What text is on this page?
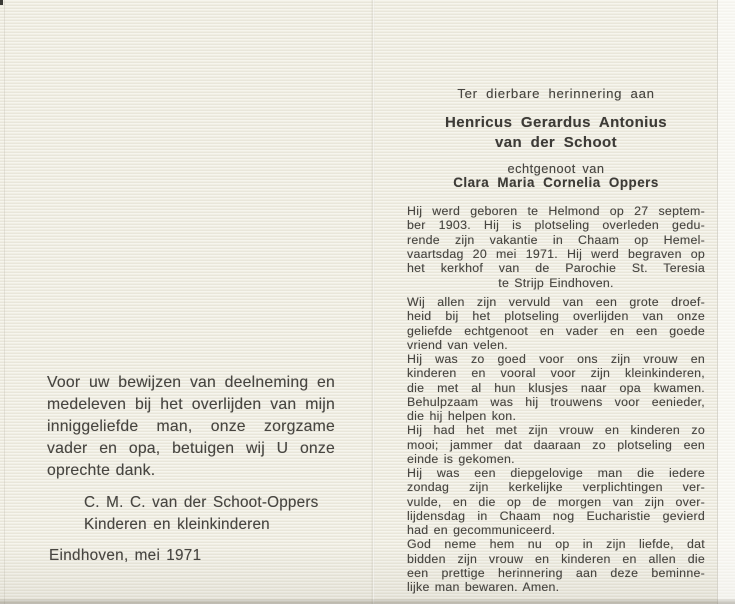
Voor uw bewijzen van deelneming en
medeleven bij het overlijden van mijn
inniggeliefde man, onze zorgzame
vader en opa, betuigen wij U onze
oprechte dank.
C. M. C. van der Schoot-Oppers
Kinderen en kleinkinderen
Eindhoven, mei 1971
Ter dierbare herinnering aan
Henricus Gerardus Antonius
van der Schoot
echtgenoot van
Clara Maria Cornelia Oppers
Hij werd geboren te Helmond op 27 septem-
ber 1903. Hij is plotseling overleden gedu-
rende zijn vakantie in Chaam op Hemel-
vaartsdag 20 mei 1971. Hij werd begraven op
het kerkhof van de Parochie St. Teresia
te Strijp Eindhoven.
Wij allen zijn vervuld van een grote droef-
heid bij het plotseling overlijden van onze
geliefde echtgenoot en vader en een goede
vriend van velen.
Hij was zo goed voor ons zijn vrouw en
kinderen en vooral voor zijn kleinkinderen,
die met al hun klusjes naar opa kwamen.
Behulpzaam was hij trouwens voor eenieder,
die hij helpen kon.
Hij had het met zijn vrouw en kinderen zo
mooi; jammer dat daaraan zo plotseling een
einde is gekomen.
Hij was een diepgelovige man die iedere
zondag zijn kerkelijke verplichtingen ver-
vulde, en die op de morgen van zijn over-
lijdensdag in Chaam nog Eucharistie gevierd
had en gecommuniceerd.
God neme hem nu op in zijn liefde, dat
bidden zijn vrouw en kinderen en allen die
een prettige herinnering aan deze beminne-
lijke man bewaren. Amen.
